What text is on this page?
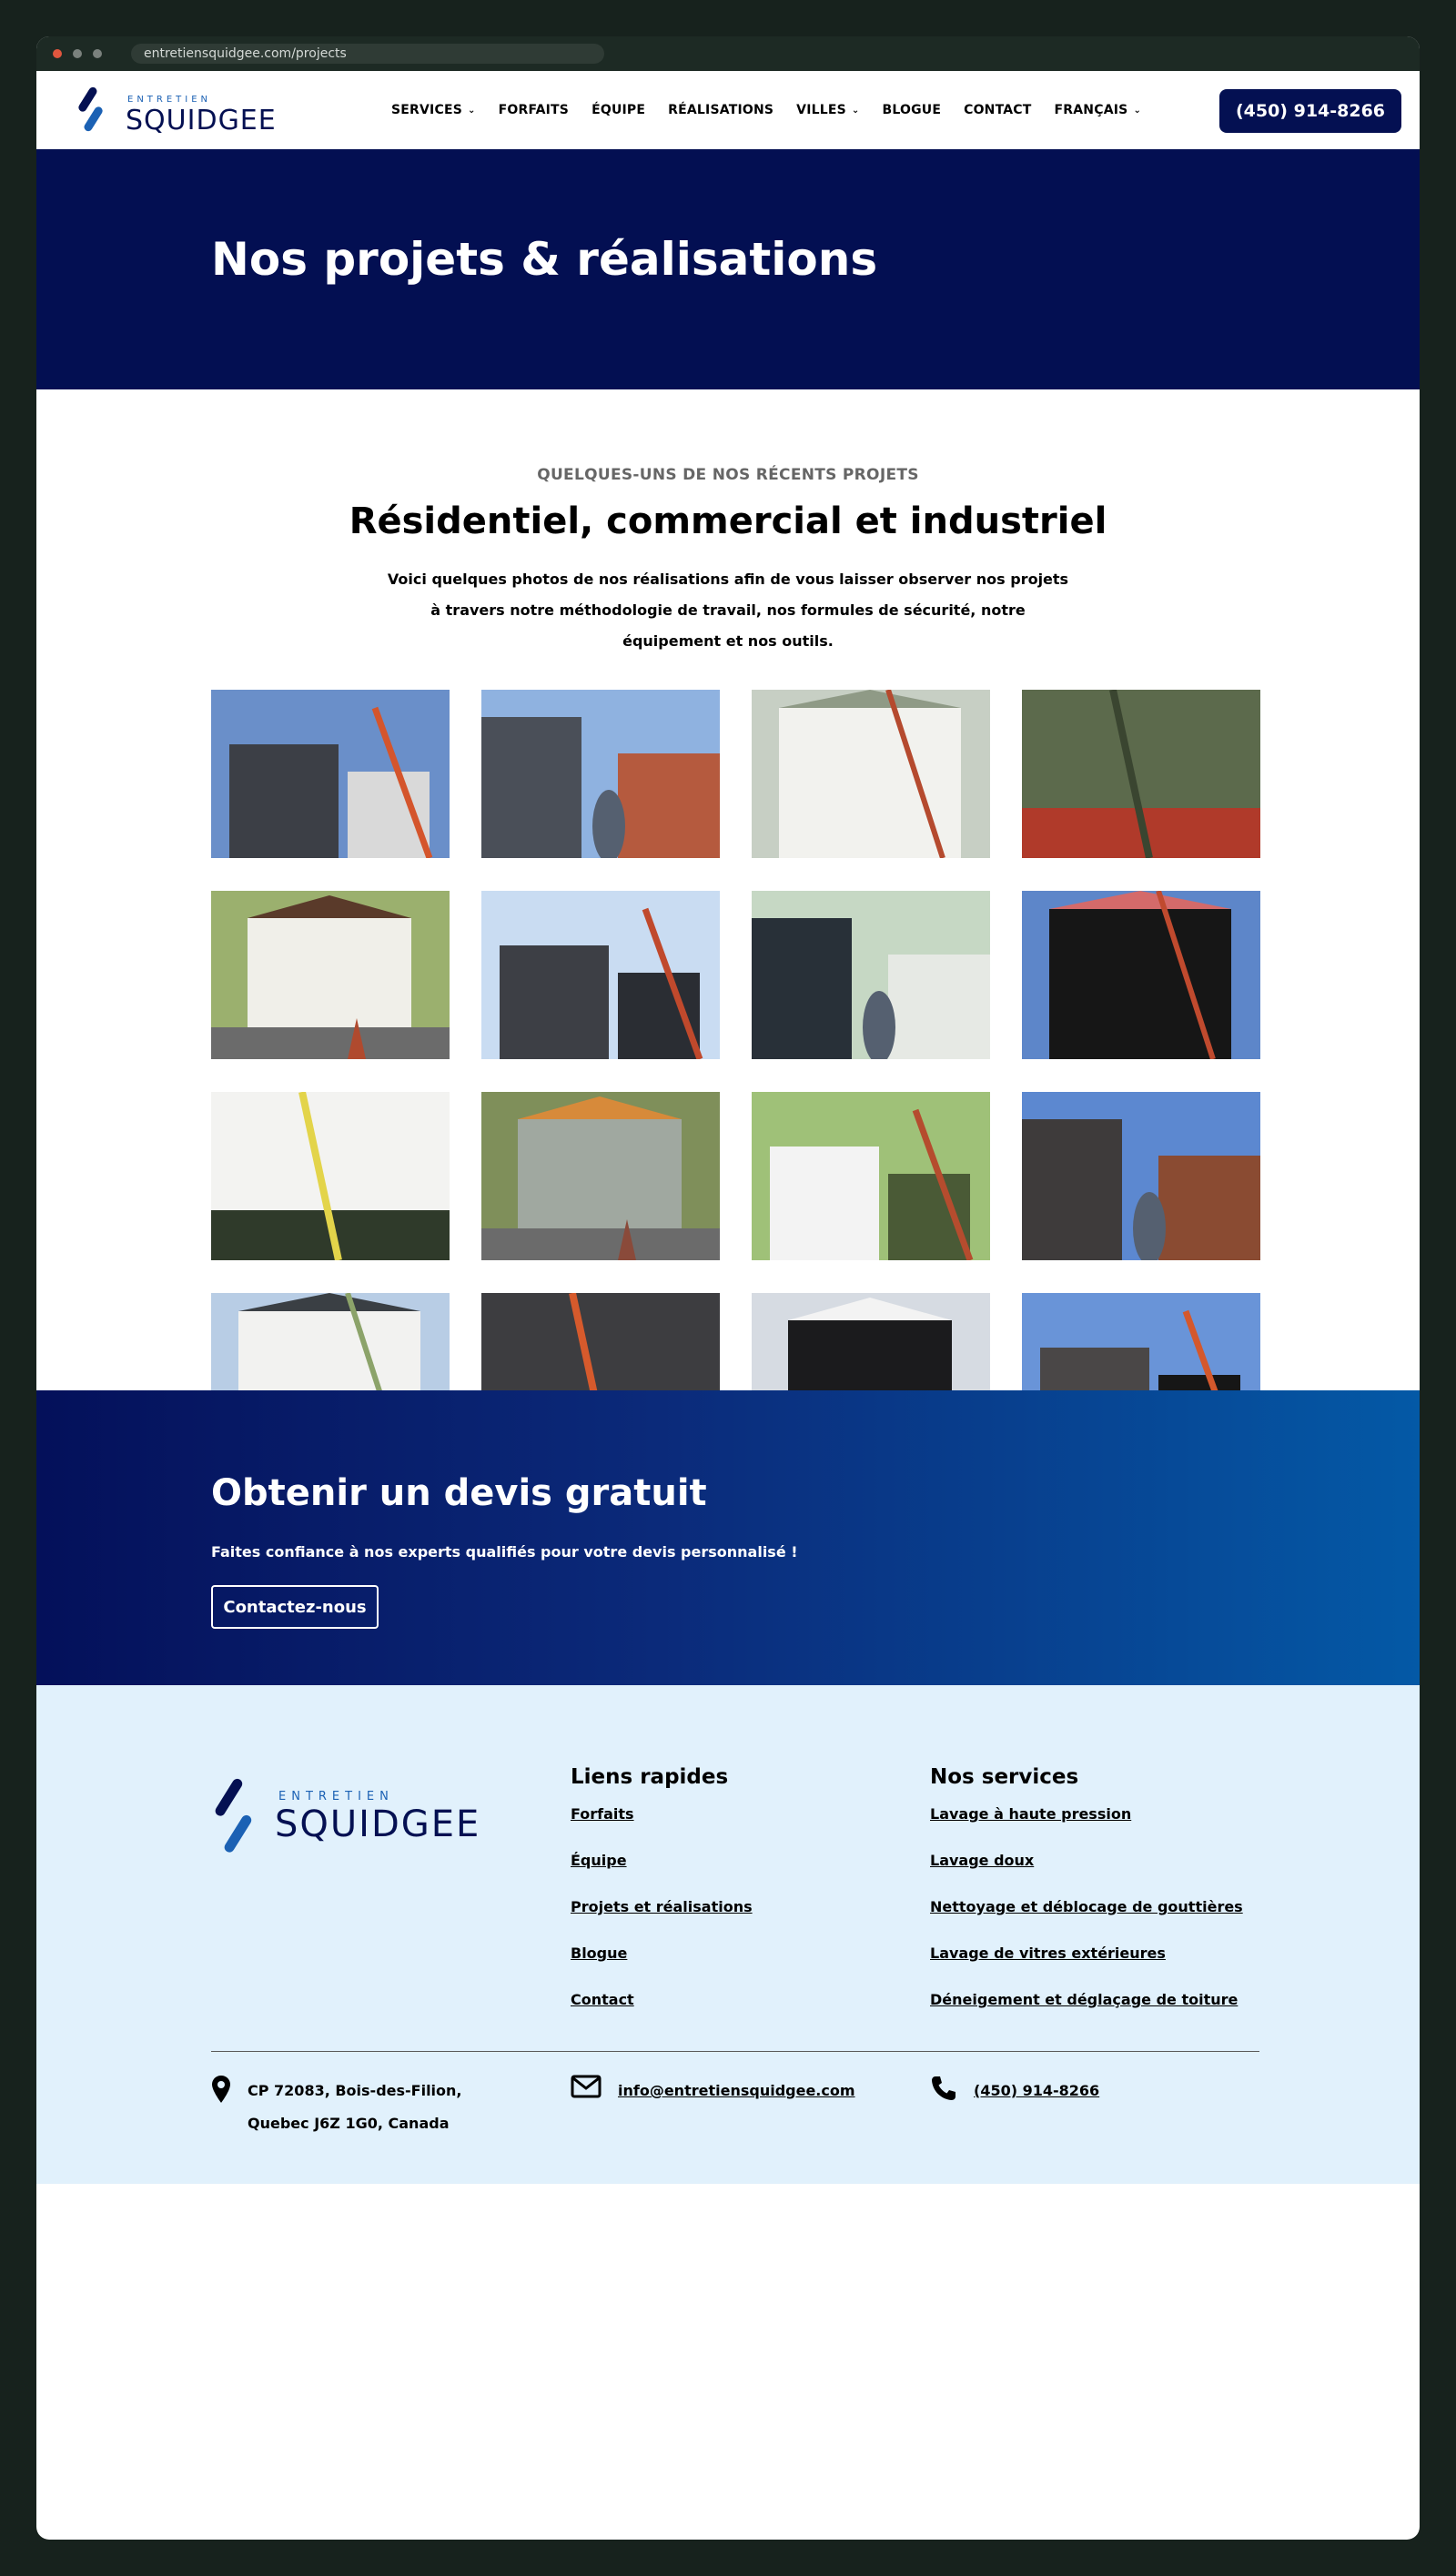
entretiensquidgee.com/projects
ENTRETIEN
SQUIDGEE	SERVICES ⌄ FORFAITS ÉQUIPE RÉALISATIONS VILLES ⌄ BLOGUE CONTACT FRANÇAIS ⌄	(450) 914-8266
Nos projets & réalisations
QUELQUES-UNS DE NOS RÉCENTS PROJETS
Résidentiel, commercial et industriel

Voici quelques photos de nos réalisations afin de vous laisser observer nos projets à travers notre méthodologie de travail, nos formules de sécurité, notre équipement et nos outils.

Obtenir un devis gratuit

Faites confiance à nos experts qualifiés pour votre devis personnalisé !

Contactez-nous
ENTRETIEN
SQUIDGEE
Liens rapides
Forfaits
Équipe
Projets et réalisations
Blogue
Contact
Nos services
Lavage à haute pression
Lavage doux
Nettoyage et déblocage de gouttières
Lavage de vitres extérieures
Déneigement et déglaçage de toiture
CP 72083, Bois-des-Filion,
Quebec J6Z 1G0, Canada
info@entretiensquidgee.com	(450) 914-8266
